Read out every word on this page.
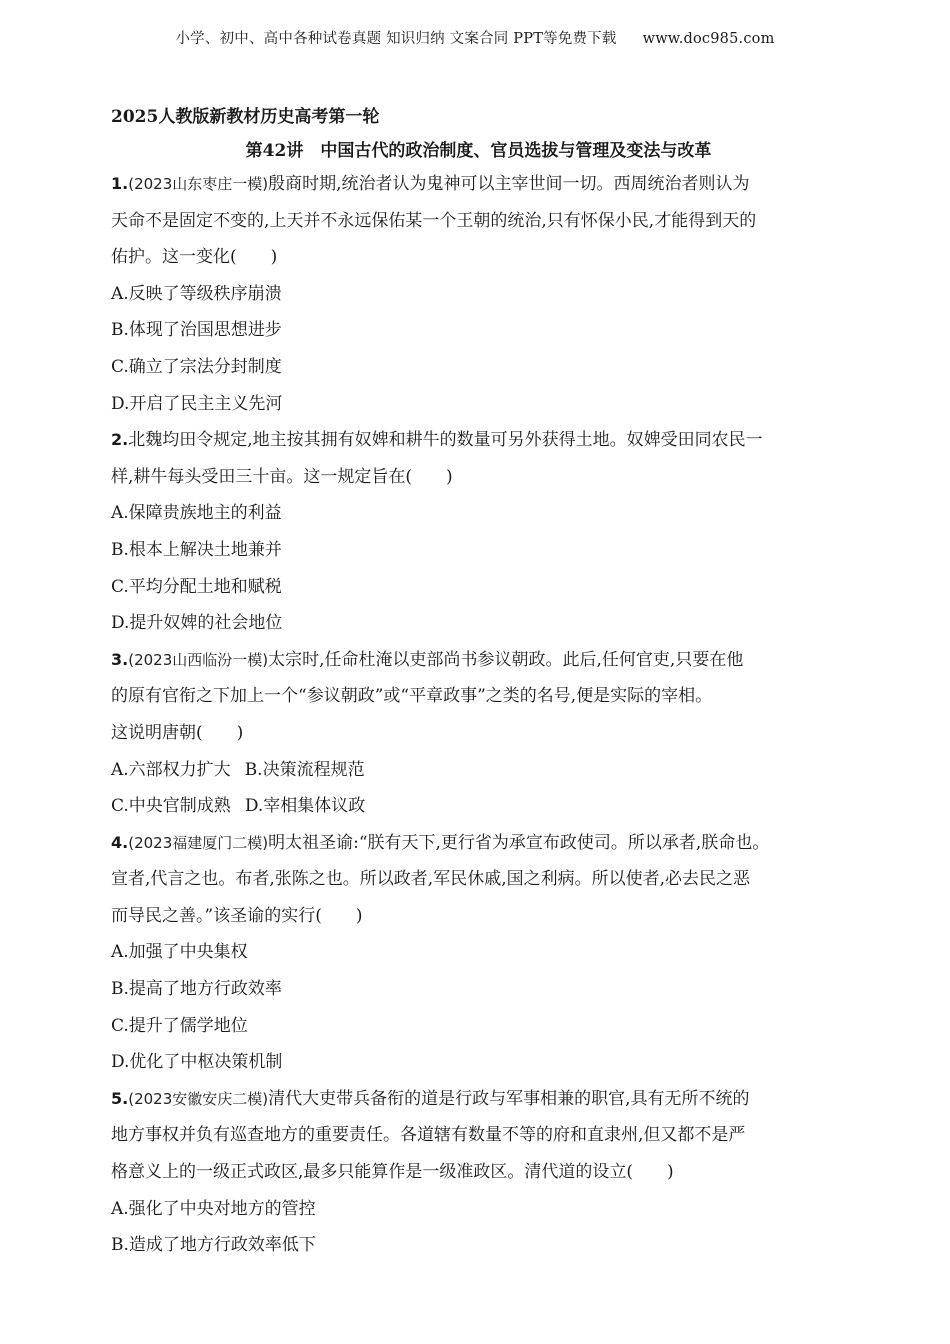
小学、初中、高中各种试卷真题 知识归纳 文案合同 PPT等免费下载 www.doc985.com
2025人教版新教材历史高考第一轮
第42讲　中国古代的政治制度、官员选拔与管理及变法与改革
1.(2023山东枣庄一模)殷商时期,统治者认为鬼神可以主宰世间一切。西周统治者则认为
天命不是固定不变的,上天并不永远保佑某一个王朝的统治,只有怀保小民,才能得到天的
佑护。这一变化(　　)
A.反映了等级秩序崩溃
B.体现了治国思想进步
C.确立了宗法分封制度
D.开启了民主主义先河
2.北魏均田令规定,地主按其拥有奴婢和耕牛的数量可另外获得土地。奴婢受田同农民一
样,耕牛每头受田三十亩。这一规定旨在(　　)
A.保障贵族地主的利益
B.根本上解决土地兼并
C.平均分配土地和赋税
D.提升奴婢的社会地位
3.(2023山西临汾一模)太宗时,任命杜淹以吏部尚书参议朝政。此后,任何官吏,只要在他
的原有官衔之下加上一个“参议朝政”或“平章政事”之类的名号,便是实际的宰相。
这说明唐朝(　　)
A.六部权力扩大 B.决策流程规范
C.中央官制成熟 D.宰相集体议政
4.(2023福建厦门二模)明太祖圣谕:“朕有天下,更行省为承宣布政使司。所以承者,朕命也。
宣者,代言之也。布者,张陈之也。所以政者,军民休戚,国之利病。所以使者,必去民之恶
而导民之善。”该圣谕的实行(　　)
A.加强了中央集权
B.提高了地方行政效率
C.提升了儒学地位
D.优化了中枢决策机制
5.(2023安徽安庆二模)清代大吏带兵备衔的道是行政与军事相兼的职官,具有无所不统的
地方事权并负有巡查地方的重要责任。各道辖有数量不等的府和直隶州,但又都不是严
格意义上的一级正式政区,最多只能算作是一级准政区。清代道的设立(　　)
A.强化了中央对地方的管控
B.造成了地方行政效率低下
